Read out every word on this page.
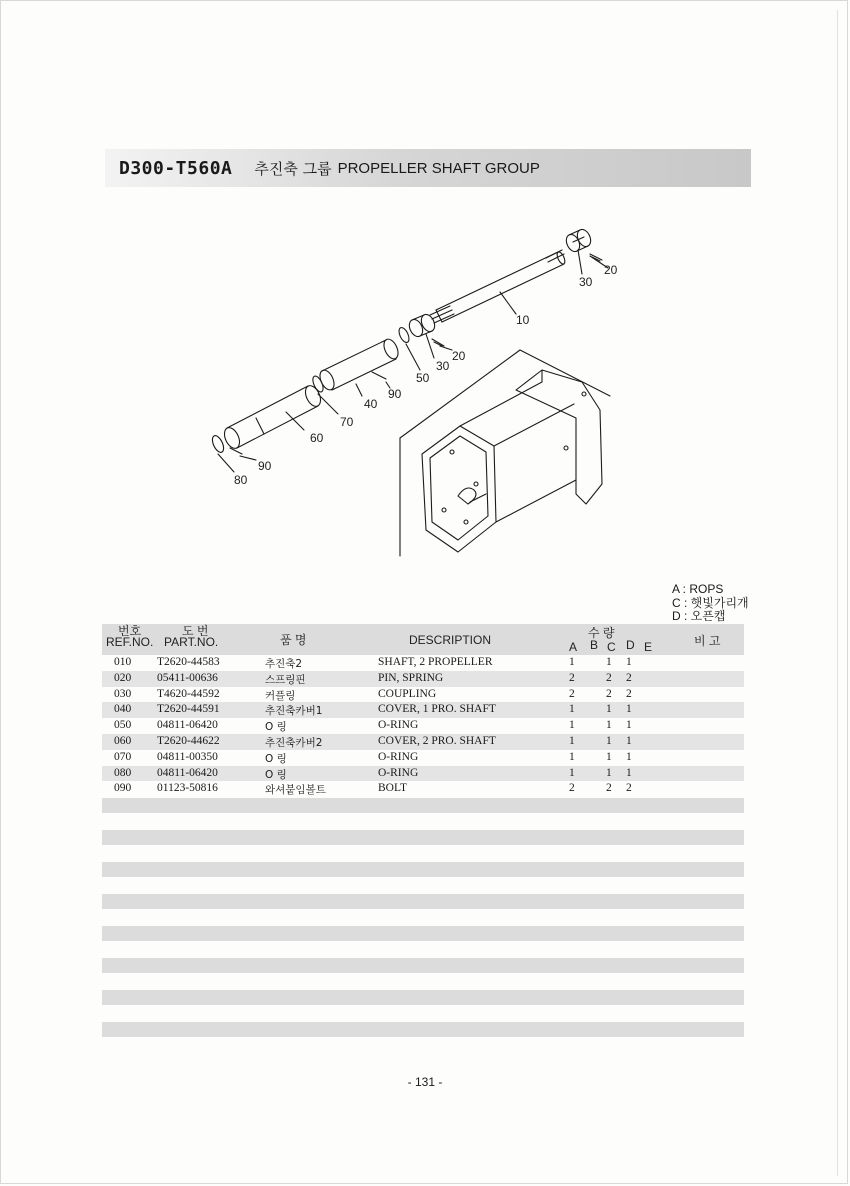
D300-T560A 추진축 그룹 PROPELLER SHAFT GROUP
20
30
10
20
30
50
90
40
70
60
90
80
A : ROPS
C : 햇빛가리개
D : 오픈캡
번호
REF.NO.
도 번
PART.NO.	품 명	DESCRIPTION	수 량
A B C D E	비 고
010 T2620-44583	추진축2	SHAFT, 2 PROPELLER	1	1 1
020 05411-00636	스프링핀	PIN, SPRING	2	2 2
030 T4620-44592	커플링	COUPLING	2	2 2
040 T2620-44591	추진축카버1	COVER, 1 PRO. SHAFT	1	1 1
050 04811-06420	O 링	O-RING	1	1 1
060 T2620-44622	추진축카버2	COVER, 2 PRO. SHAFT	1	1 1
070 04811-00350	O 링	O-RING	1	1 1
080 04811-06420	O 링	O-RING	1	1 1
090 01123-50816	와셔붙임볼트	BOLT	2	2 2
- 131 -
